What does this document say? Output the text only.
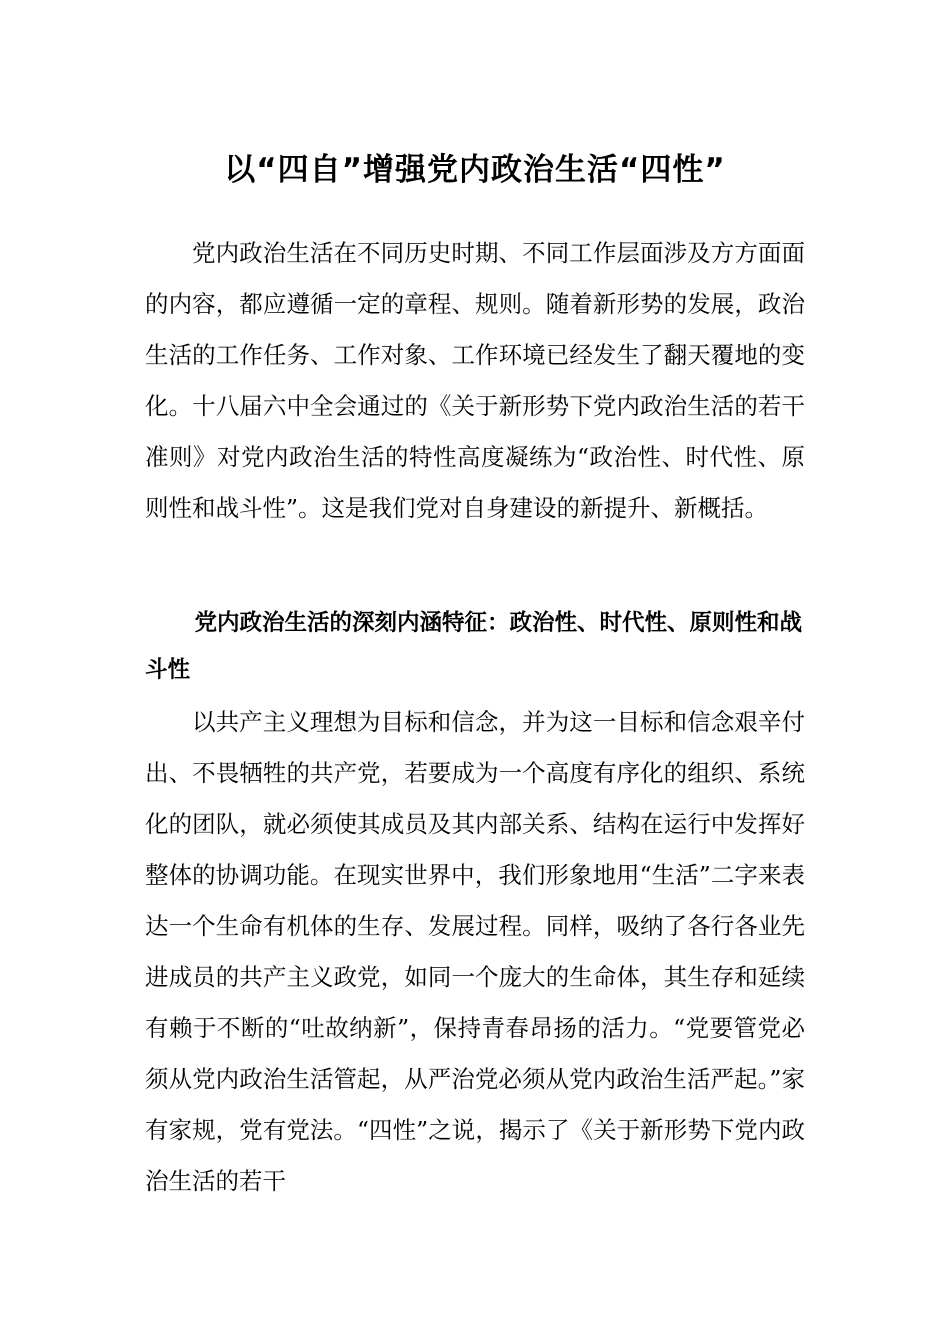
以“四自”增强党内政治生活“四性”

党内政治生活在不同历史时期、不同工作层面涉及方方面面的内容，都应遵循一定的章程、规则。随着新形势的发展，政治生活的工作任务、工作对象、工作环境已经发生了翻天覆地的变化。十八届六中全会通过的《关于新形势下党内政治生活的若干准则》对党内政治生活的特性高度凝练为“政治性、时代性、原则性和战斗性”。这是我们党对自身建设的新提升、新概括。

党内政治生活的深刻内涵特征：政治性、时代性、原则性和战斗性

以共产主义理想为目标和信念，并为这一目标和信念艰辛付出、不畏牺牲的共产党，若要成为一个高度有序化的组织、系统化的团队，就必须使其成员及其内部关系、结构在运行中发挥好整体的协调功能。在现实世界中，我们形象地用“生活”二字来表达一个生命有机体的生存、发展过程。同样，吸纳了各行各业先进成员的共产主义政党，如同一个庞大的生命体，其生存和延续有赖于不断的“吐故纳新”，保持青春昂扬的活力。“党要管党必须从党内政治生活管起，从严治党必须从党内政治生活严起。”家有家规，党有党法。“四性”之说，揭示了《关于新形势下党内政治生活的若干
